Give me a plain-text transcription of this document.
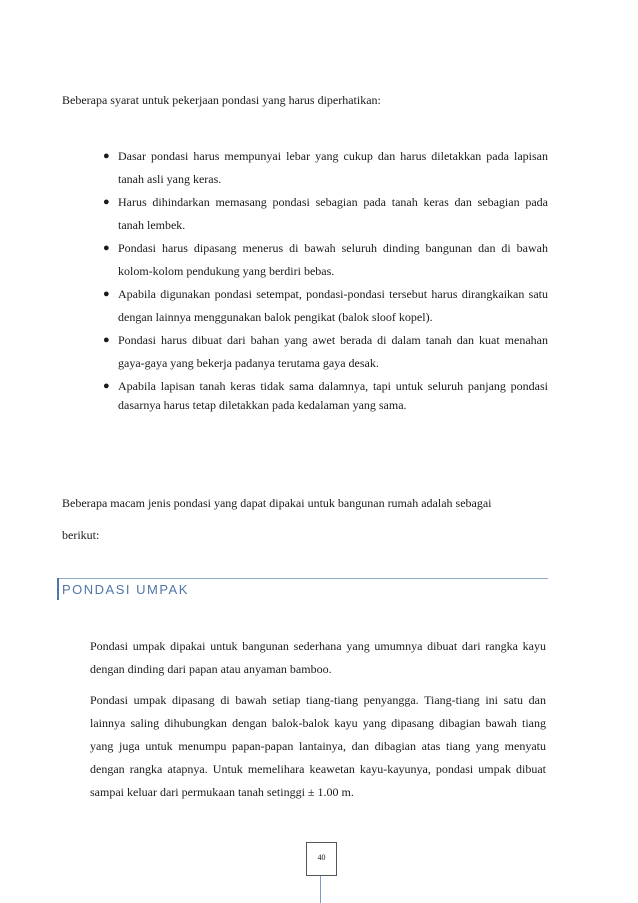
Beberapa syarat untuk pekerjaan pondasi yang harus diperhatikan:
● Dasar pondasi harus mempunyai lebar yang cukup dan harus diletakkan pada lapisan tanah asli yang keras.
● Harus dihindarkan memasang pondasi sebagian pada tanah keras dan sebagian pada tanah lembek.
● Pondasi harus dipasang menerus di bawah seluruh dinding bangunan dan di bawah kolom-kolom pendukung yang berdiri bebas.
● Apabila digunakan pondasi setempat, pondasi-pondasi tersebut harus dirangkaikan satu dengan lainnya menggunakan balok pengikat (balok sloof kopel).
● Pondasi harus dibuat dari bahan yang awet berada di dalam tanah dan kuat menahan gaya-gaya yang bekerja padanya terutama gaya desak.
● Apabila lapisan tanah keras tidak sama dalamnya, tapi untuk seluruh panjang pondasi dasarnya harus tetap diletakkan pada kedalaman yang sama.
Beberapa macam jenis pondasi yang dapat dipakai untuk bangunan rumah adalah sebagai berikut:
PONDASI UMPAK
Pondasi umpak dipakai untuk bangunan sederhana yang umumnya dibuat dari rangka kayu dengan dinding dari papan atau anyaman bamboo.
Pondasi umpak dipasang di bawah setiap tiang-tiang penyangga. Tiang-tiang ini satu dan lainnya saling dihubungkan dengan balok-balok kayu yang dipasang dibagian bawah tiang yang juga untuk menumpu papan-papan lantainya, dan dibagian atas tiang yang menyatu dengan rangka atapnya. Untuk memelihara keawetan kayu-kayunya, pondasi umpak dibuat sampai keluar dari permukaan tanah setinggi ± 1.00 m.
40
